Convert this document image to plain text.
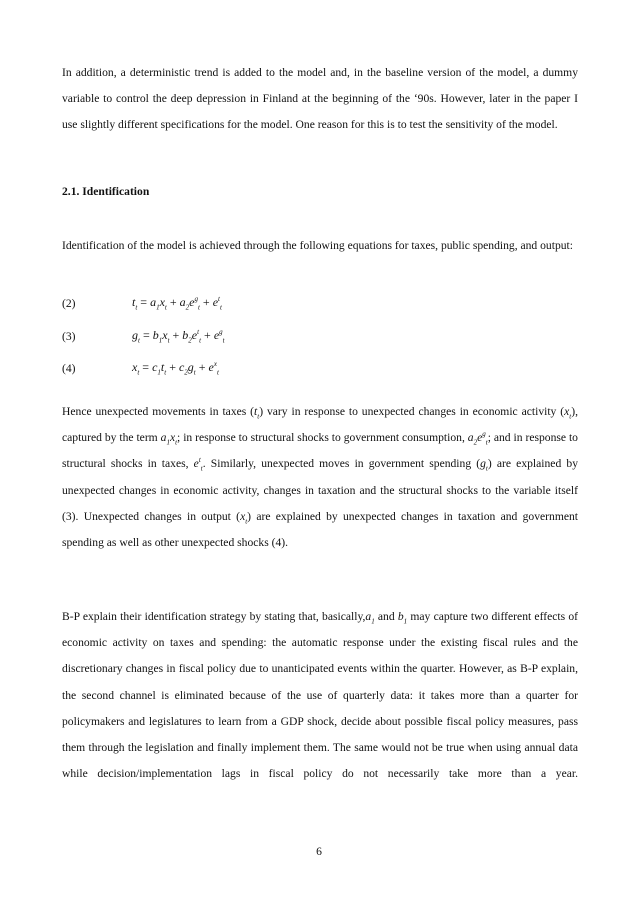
In addition, a deterministic trend is added to the model and, in the baseline version of the model, a dummy variable to control the deep depression in Finland at the beginning of the ‘90s. However, later in the paper I use slightly different specifications for the model. One reason for this is to test the sensitivity of the model.

2.1. Identification

Identification of the model is achieved through the following equations for taxes, public spending, and output:

(2)	$t_t = a_1x_t + a_2e^g_t + e^t_t$
(3)	$g_t = b_1x_t + b_2e^t_t + e^g_t$
(4)	$x_t = c_1t_t + c_2g_t + e^x_t$

Hence unexpected movements in taxes $(t_t)$ vary in response to unexpected changes in economic activity $(x_t)$, captured by the term $a_1x_t$; in response to structural shocks to government consumption, $a_2e^g_t$; and in response to structural shocks in taxes, $e^t_t$. Similarly, unexpected moves in government spending $(g_t)$ are explained by unexpected changes in economic activity, changes in taxation and the structural shocks to the variable itself (3). Unexpected changes in output $(x_t)$ are explained by unexpected changes in taxation and government spending as well as other unexpected shocks (4).

B-P explain their identification strategy by stating that, $basically,a_1$ and $b_1$ may capture two different effects of economic activity on taxes and spending: the automatic response under the existing fiscal rules and the discretionary changes in fiscal policy due to unanticipated events within the quarter. However, as B-P explain, the second channel is eliminated because of the use of quarterly data: it takes more than a quarter for policymakers and legislatures to learn from a GDP shock, decide about possible fiscal policy measures, pass them through the legislation and finally implement them. The same would not be true when using annual data while decision/implementation lags in fiscal policy do not necessarily take more than a year.

6
